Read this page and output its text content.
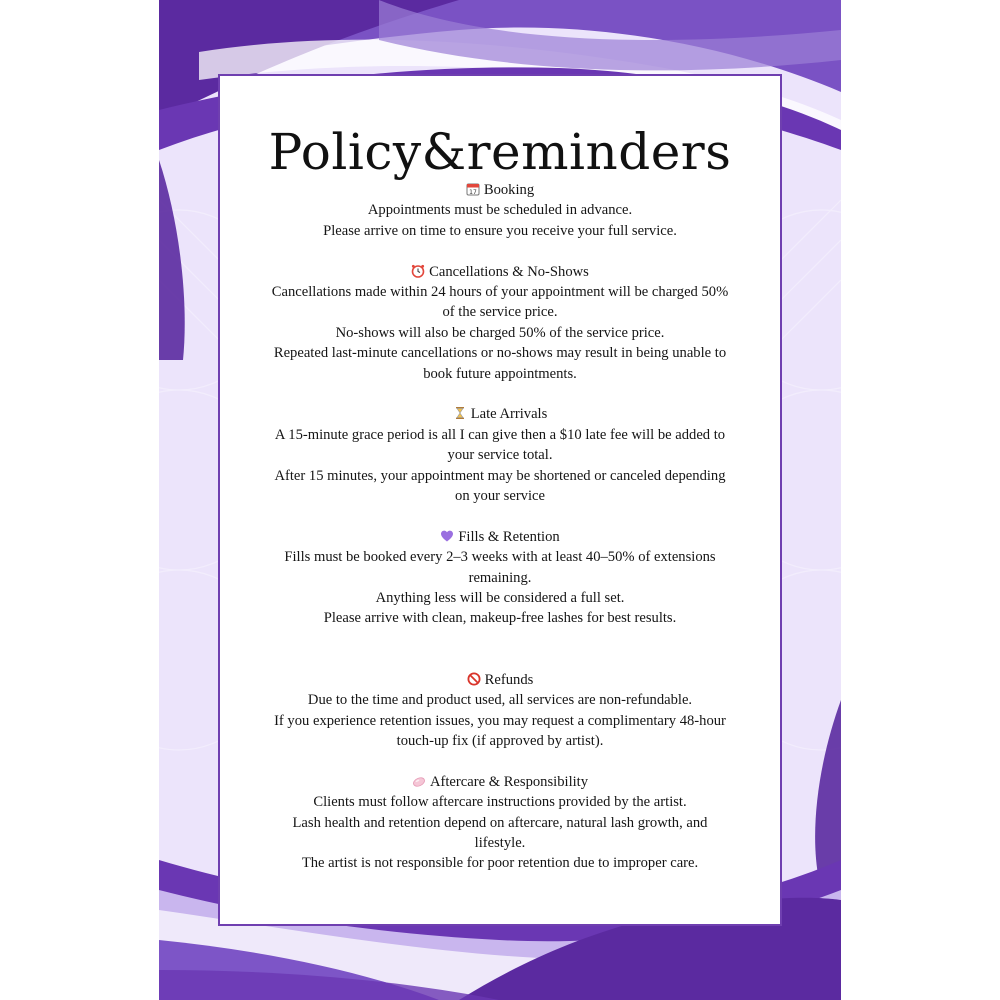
Policy&reminders

17 Booking

Appointments must be scheduled in advance.

Please arrive on time to ensure you receive your full service.

Cancellations & No-Shows

Cancellations made within 24 hours of your appointment will be charged 50%

of the service price.

No-shows will also be charged 50% of the service price.

Repeated last-minute cancellations or no-shows may result in being unable to

book future appointments.

Late Arrivals

A 15-minute grace period is all I can give then a $10 late fee will be added to

your service total.

After 15 minutes, your appointment may be shortened or canceled depending

on your service

Fills & Retention

Fills must be booked every 2–3 weeks with at least 40–50% of extensions

remaining.

Anything less will be considered a full set.

Please arrive with clean, makeup-free lashes for best results.

Refunds

Due to the time and product used, all services are non-refundable.

If you experience retention issues, you may request a complimentary 48-hour

touch-up fix (if approved by artist).

Aftercare & Responsibility

Clients must follow aftercare instructions provided by the artist.

Lash health and retention depend on aftercare, natural lash growth, and

lifestyle.

The artist is not responsible for poor retention due to improper care.
